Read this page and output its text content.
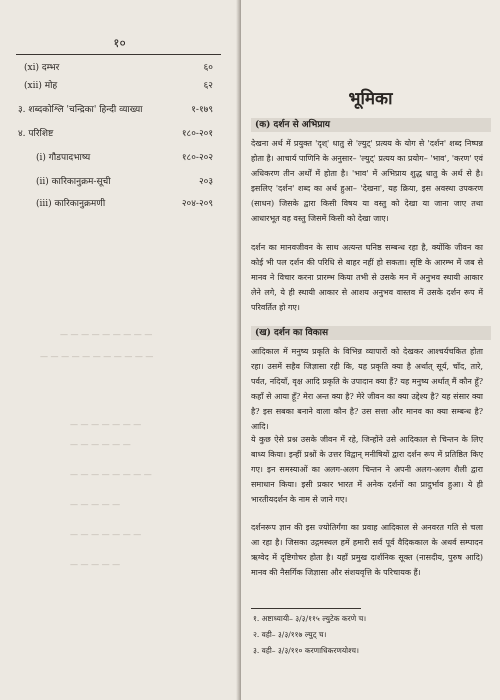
१०
(xi) दम्भर	६०
(xii) मोह	६२
३. शब्दकोश्लि 'चन्द्रिका' हिन्दी व्याख्या	१-१७९
४. परिशिष्ट	१८०-२०१
(i) गौडपादभाष्य	१८०-२०२
(ii) कारिकानुक्रम-सूची	२०३
(iii) कारिकानुक्रमणी	२०४-२०९
— — — — — — — — —
— — — — — — — — — — —
— — — — — — —
— — — — — —
— — — — — — — —
— — — — —
— — — — — — —
— — — — —
भूमिका
(क) दर्शन से अभिप्राय
देखना अर्थ में प्रयुक्त 'दृश्' धातु से 'ल्युट्' प्रत्यय के योग से 'दर्शन' शब्द निष्पन्न होता है। आचार्य पाणिनि के अनुसार– 'ल्युट्' प्रत्यय का प्रयोग– 'भाव', 'करण' एवं अधिकरण तीन अर्थों में होता है। 'भाव' में अभिप्राय शुद्ध धातु के अर्थ से है। इसलिए 'दर्शन' शब्द का अर्थ हुआ– 'देखना', यह क्रिया, इस अवस्था उपकरण (साधन) जिसके द्वारा किसी विषय या वस्तु को देखा या जाना जाए तथा आधारभूत वह वस्तु जिसमें किसी को देखा जाए।
दर्शन का मानवजीवन के साथ अत्यन्त घनिष्ठ सम्बन्ध रहा है, क्योंकि जीवन का कोई भी पल दर्शन की परिधि से बाहर नहीं हो सकता। सृष्टि के आरम्भ में जब से मानव ने विचार करना प्रारम्भ किया तभी से उसके मन में अनुभव स्थायी आकार लेने लगे, ये ही स्थायी आकार से आशय अनुभव वास्तव में उसके दर्शन रूप में परिवर्तित हो गए।
(ख) दर्शन का विकास
आदिकाल में मनुष्य प्रकृति के विभिन्न व्यापारों को देखकर आश्चर्यचकित होता रहा। उसमें सहैव जिज्ञासा रही कि, यह प्रकृति क्या है अर्थात् सूर्य, चाँद, तारे, पर्वत, नदियाँ, वृक्ष आदि प्रकृति के उपादान क्या हैं? यह मनुष्य अर्थात् मैं कौन हूँ? कहाँ से आया हूँ? मेरा अन्त क्या है? मेरे जीवन का क्या उद्देश्य है? यह संसार क्या है? इस सबका बनाने वाला कौन है? उस सत्ता और मानव का क्या सम्बन्ध है? आदि।
ये कुछ ऐसे प्रश्न उसके जीवन में रहे, जिन्होंने उसे आदिकाल से चिन्तन के लिए बाध्य किया। इन्हीं प्रश्नों के उत्तर विद्वान् मनीषियों द्वारा दर्शन रूप में प्रतिष्ठित किए गए। इन समस्याओं का अलग-अलग चिन्तन ने अपनी अलग-अलग शैली द्वारा समाधान किया। इसी प्रकार भारत में अनेक दर्शनों का प्रादुर्भाव हुआ। ये ही भारतीयदर्शन के नाम से जाने गए।
दर्शनरूप ज्ञान की इस ज्योतिर्गंगा का प्रवाह आदिकाल से अनवरत गति से चला आ रहा है। जिसका उद्गमस्थल हमें हमारी सर्व पूर्व वैदिककाल के अथर्व सम्पादन ऋग्वेद में दृष्टिगोचर होता है। यहाँ प्रमुख दार्शनिक सूक्त (नासदीय, पुरुष आदि) मानव की नैसर्गिक जिज्ञासा और संशयवृत्ति के परिचायक हैं।
१. अष्टाध्यायी– ३/३/११५ ल्युटेक करणे च।
२. वही– ३/३/११७ ल्युट् च।
३. वही– ३/३/११० करणाधिकरणयोश्च।
